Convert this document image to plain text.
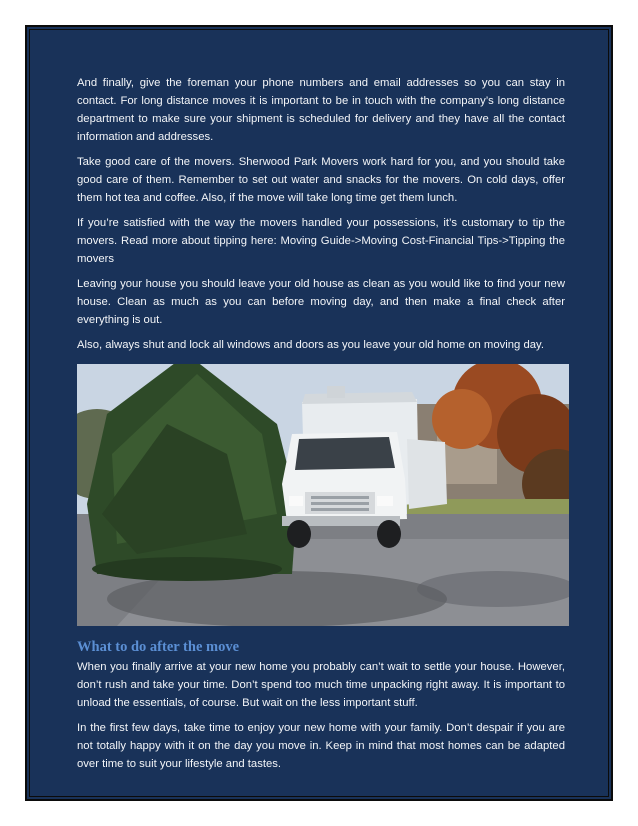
And finally, give the foreman your phone numbers and email addresses so you can stay in contact. For long distance moves it is important to be in touch with the company’s long distance department to make sure your shipment is scheduled for delivery and they have all the contact information and addresses.

Take good care of the movers. Sherwood Park Movers work hard for you, and you should take good care of them. Remember to set out water and snacks for the movers. On cold days, offer them hot tea and coffee. Also, if the move will take long time get them lunch.

If you’re satisfied with the way the movers handled your possessions, it’s customary to tip the movers. Read more about tipping here: Moving Guide->Moving Cost-Financial Tips->Tipping the movers

Leaving your house you should leave your old house as clean as you would like to find your new house. Clean as much as you can before moving day, and then make a final check after everything is out.

Also, always shut and lock all windows and doors as you leave your old home on moving day.

What to do after the move

When you finally arrive at your new home you probably can’t wait to settle your house. However, don’t rush and take your time. Don’t spend too much time unpacking right away. It is important to unload the essentials, of course. But wait on the less important stuff.

In the first few days, take time to enjoy your new home with your family. Don’t despair if you are not totally happy with it on the day you move in. Keep in mind that most homes can be adapted over time to suit your lifestyle and tastes.
